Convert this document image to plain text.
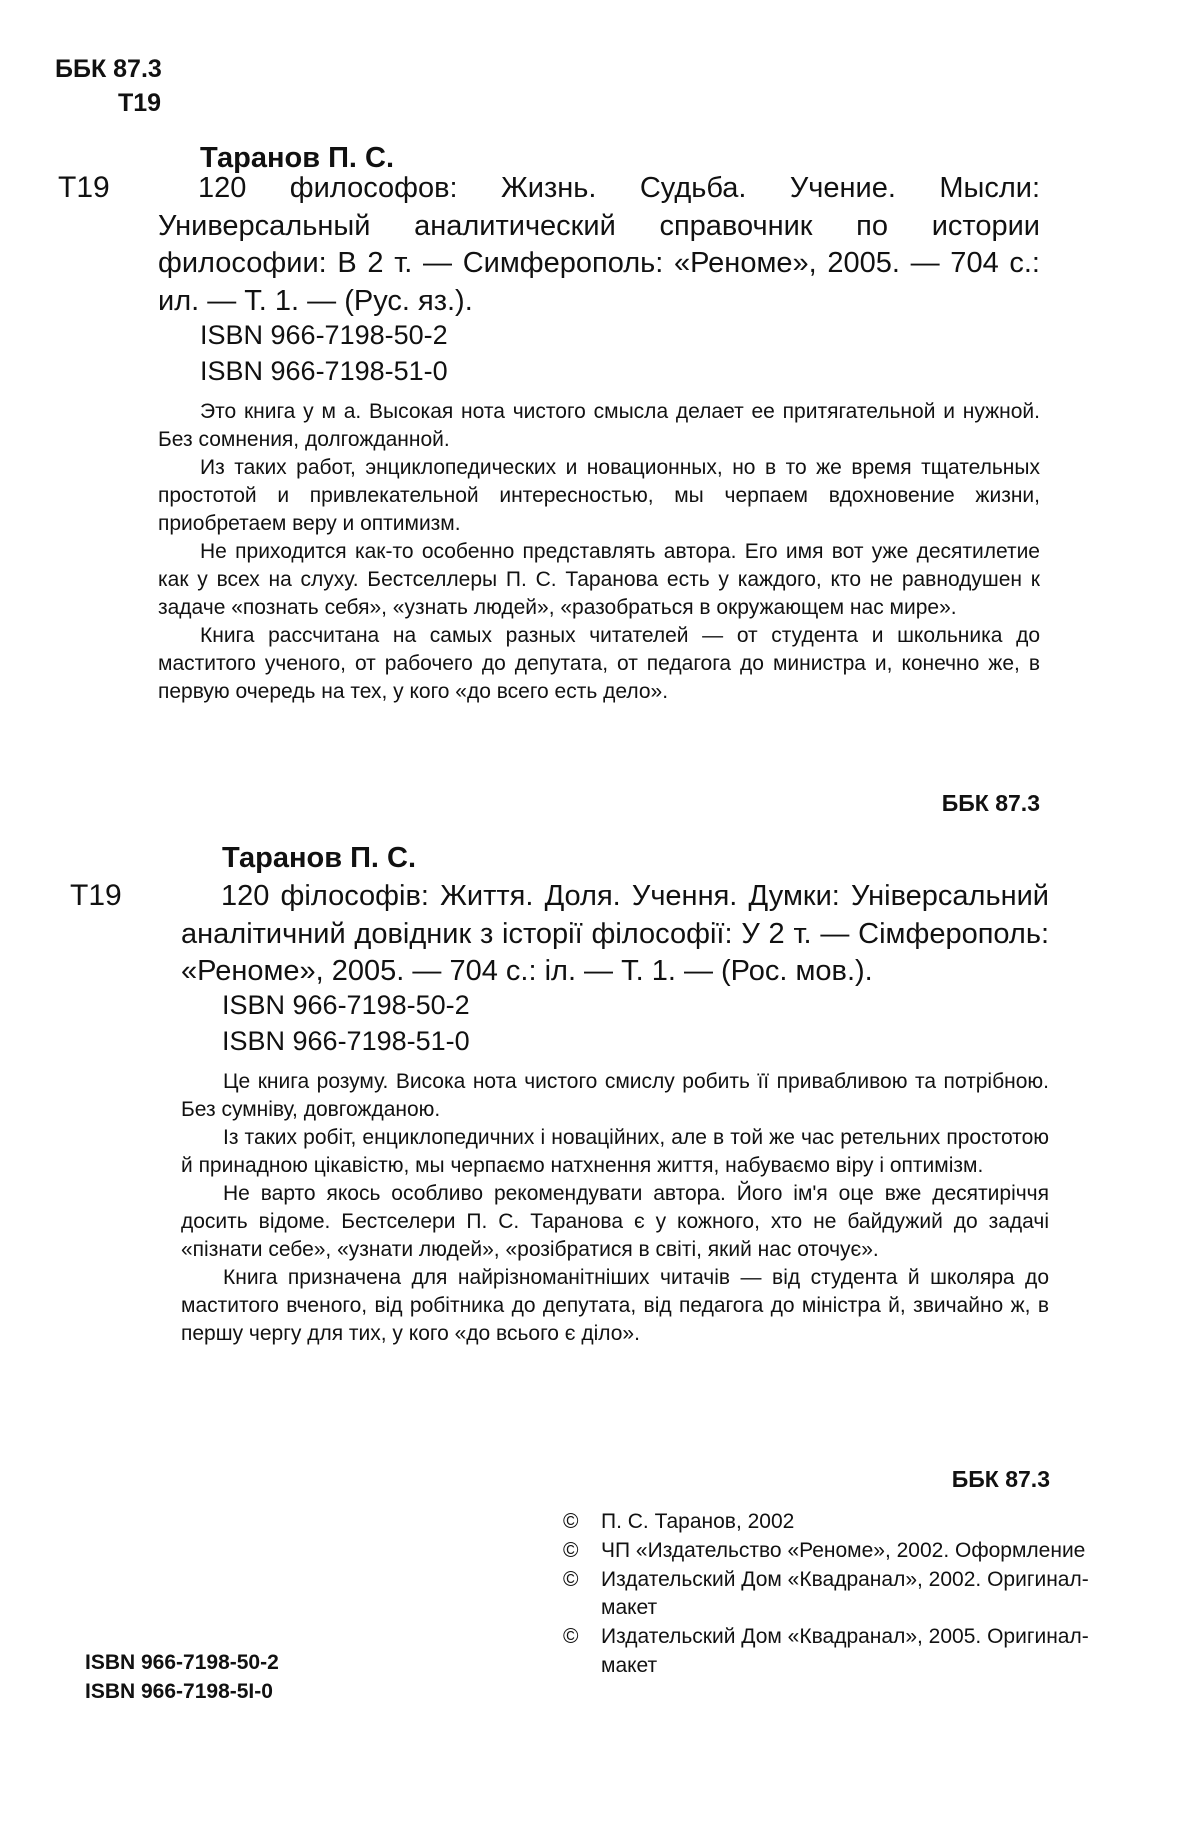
ББК 87.3
Т19
Таранов П. С.
Т19	120 философов: Жизнь. Судьба. Учение. Мысли: Универсальный аналитический справочник по истории философии: В 2 т. — Симферополь: «Реноме», 2005. — 704 с.: ил. — Т. 1. — (Рус. яз.).

ISBN 966-7198-50-2
ISBN 966-7198-51-0

Это книга у м а. Высокая нота чистого смысла делает ее притягательной и нужной. Без сомнения, долгожданной.

Из таких работ, энциклопедических и новационных, но в то же время тщательных простотой и привлекательной интересностью, мы черпаем вдохновение жизни, приобретаем веру и оптимизм.

Не приходится как-то особенно представлять автора. Его имя вот уже десятилетие как у всех на слуху. Бестселлеры П. С. Таранова есть у каждого, кто не равнодушен к задаче «познать себя», «узнать людей», «разобраться в окружающем нас мире».

Книга рассчитана на самых разных читателей — от студента и школьника до маститого ученого, от рабочего до депутата, от педагога до министра и, конечно же, в первую очередь на тех, у кого «до всего есть дело».

ББК 87.3
Таранов П. С.
Т19	120 філософів: Життя. Доля. Учення. Думки: Універсальний аналітичний довідник з історії філософії: У 2 т. — Сімферополь: «Реноме», 2005. — 704 с.: іл. — Т. 1. — (Рос. мов.).

ISBN 966-7198-50-2
ISBN 966-7198-51-0

Це книга розуму. Висока нота чистого смислу робить її привабливою та потрібною. Без сумніву, довгожданою.

Із таких робіт, енциклопедичних і новаційних, але в той же час ретельних простотою й принадною цікавістю, мы черпаємо натхнення життя, набуваємо віру і оптимізм.

Не варто якось особливо рекомендувати автора. Його ім'я оце вже десятиріччя досить відоме. Бестселери П. С. Таранова є у кожного, хто не байдужий до задачі «пізнати себе», «узнати людей», «розібратися в світі, який нас оточує».

Книга призначена для найрізноманітніших читачів — від студента й школяра до маститого вченого, від робітника до депутата, від педагога до міністра й, звичайно ж, в першу чергу для тих, у кого «до всього є діло».

ББК 87.3
©	П. С. Таранов, 2002
©	ЧП «Издательство «Реноме», 2002. Оформление
©	Издательский Дом «Квадранал», 2002. Оригинал-макет
©	Издательский Дом «Квадранал», 2005. Оригинал-макет
ISBN 966-7198-50-2
ISBN 966-7198-5І-0
